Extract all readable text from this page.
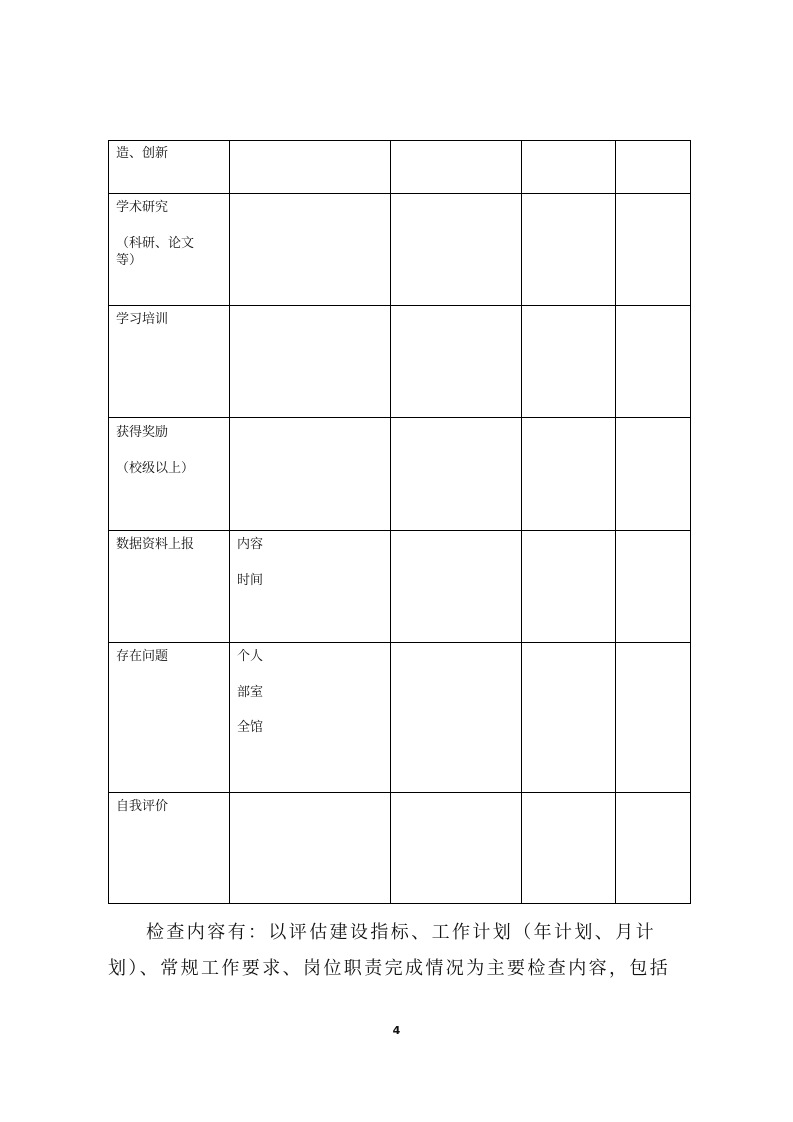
造、创新
学术研究
（科研、论文
等）
学习培训
获得奖励
（校级以上）
数据资料上报	内容
时间
存在问题	个人
部室
全馆
自我评价
检查内容有：以评估建设指标、工作计划（年计划、月计
划）、常规工作要求、岗位职责完成情况为主要检查内容，包括
4
